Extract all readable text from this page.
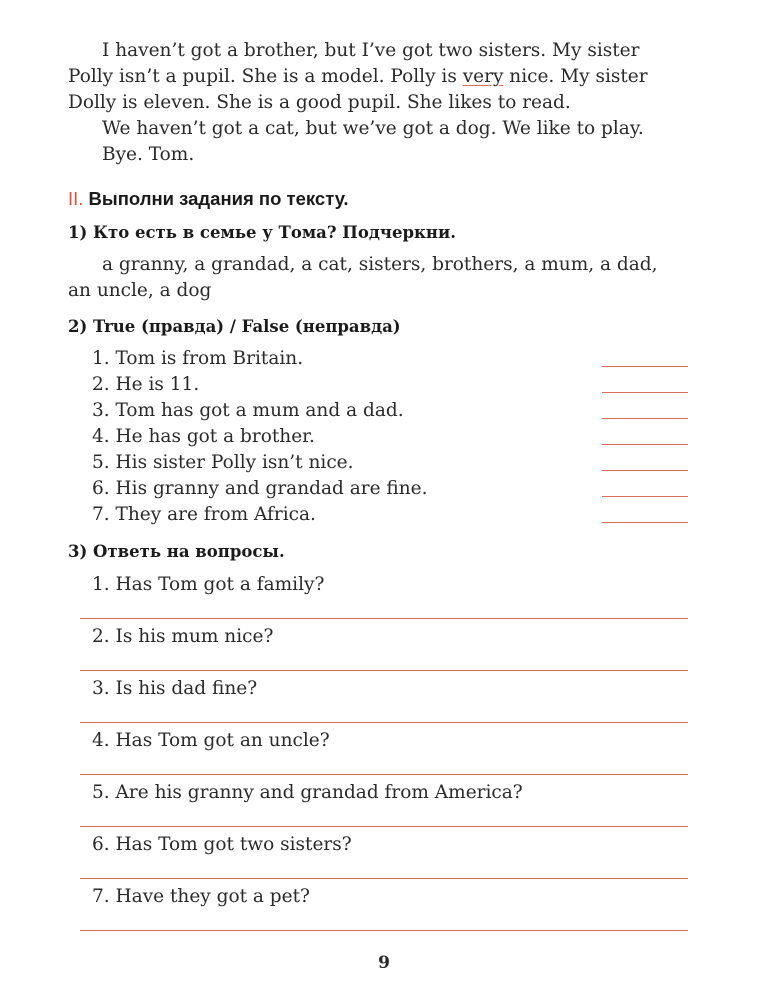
I haven’t got a brother, but I’ve got two sisters. My sister
Polly isn’t a pupil. She is a model. Polly is very nice. My sister
Dolly is eleven. She is a good pupil. She likes to read.
We haven’t got a cat, but we’ve got a dog. We like to play.
Bye. Tom.
II. Выполни задания по тексту.
1) Кто есть в семье у Тома? Подчеркни.
a granny, a grandad, a cat, sisters, brothers, a mum, a dad,
an uncle, a dog
2) True (правда) / False (неправда)
1. Tom is from Britain.
2. He is 11.
3. Tom has got a mum and a dad.
4. He has got a brother.
5. His sister Polly isn’t nice.
6. His granny and grandad are fine.
7. They are from Africa.
3) Ответь на вопросы.
1. Has Tom got a family?
2. Is his mum nice?
3. Is his dad fine?
4. Has Tom got an uncle?
5. Are his granny and grandad from America?
6. Has Tom got two sisters?
7. Have they got a pet?
9
